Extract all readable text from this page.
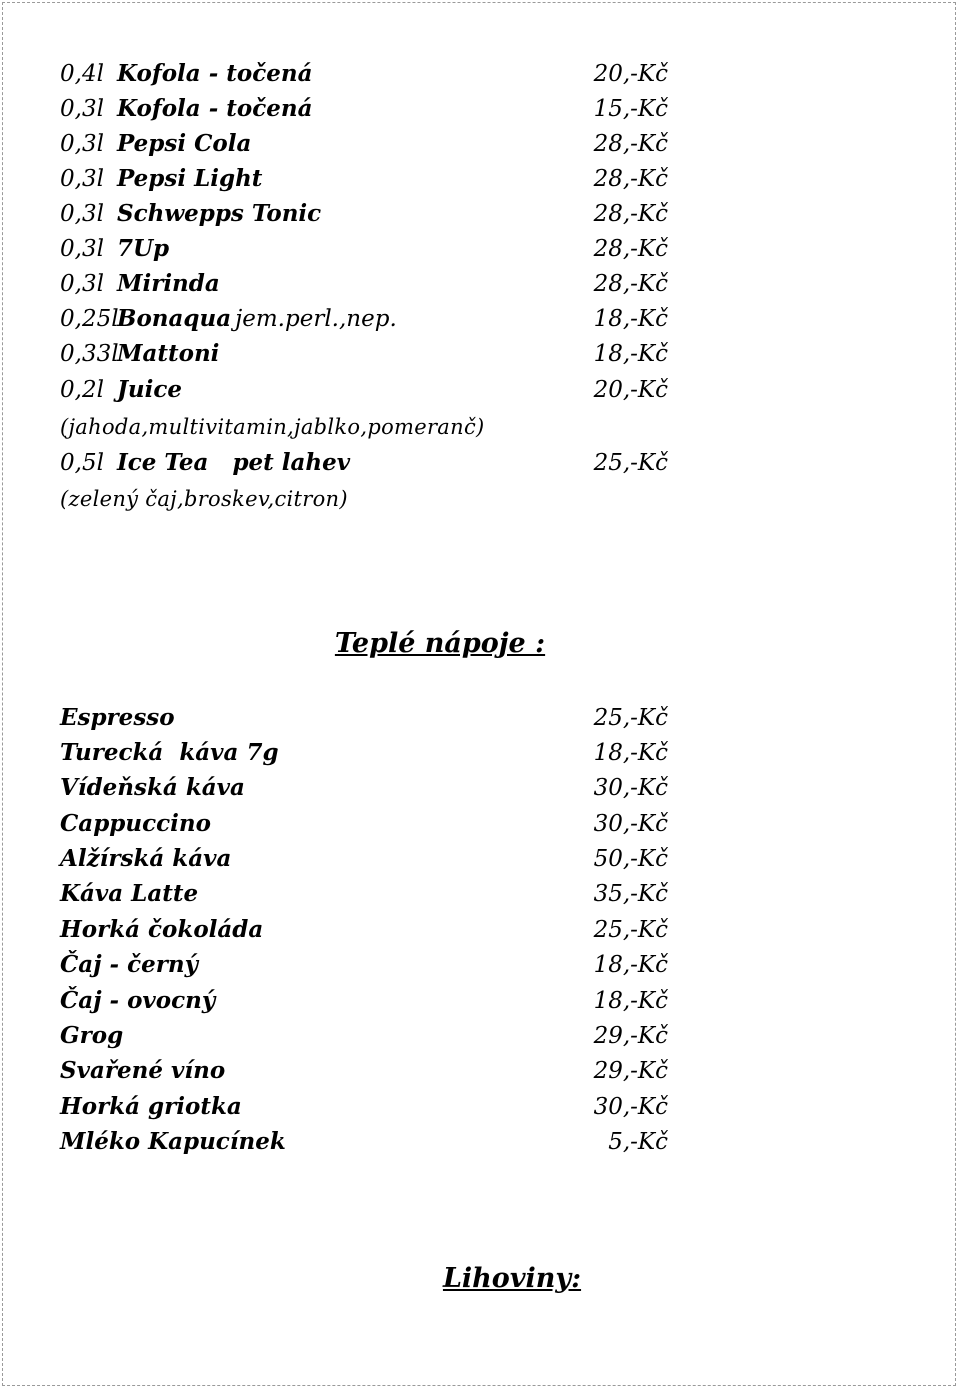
0,4l Kofola - točená	20,-Kč
0,3l Kofola - točená	15,-Kč
0,3l Pepsi Cola	28,-Kč
0,3l Pepsi Light	28,-Kč
0,3l Schwepps Tonic	28,-Kč
0,3l 7Up	28,-Kč
0,3l Mirinda	28,-Kč
0,25lBonaqua jem.perl.,nep.	18,-Kč
0,33lMattoni	18,-Kč
0,2l Juice	20,-Kč
(jahoda,multivitamin,jablko,pomeranč)
0,5l Ice Tea   pet lahev	25,-Kč
(zelený čaj,broskev,citron)
Teplé nápoje :
Espresso	25,-Kč
Turecká  káva 7g	18,-Kč
Vídeňská káva	30,-Kč
Cappuccino	30,-Kč
Alžírská káva	50,-Kč
Káva Latte	35,-Kč
Horká čokoláda	25,-Kč
Čaj - černý	18,-Kč
Čaj - ovocný	18,-Kč
Grog	29,-Kč
Svařené víno	29,-Kč
Horká griotka	30,-Kč
Mléko Kapucínek	5,-Kč
Lihoviny:
